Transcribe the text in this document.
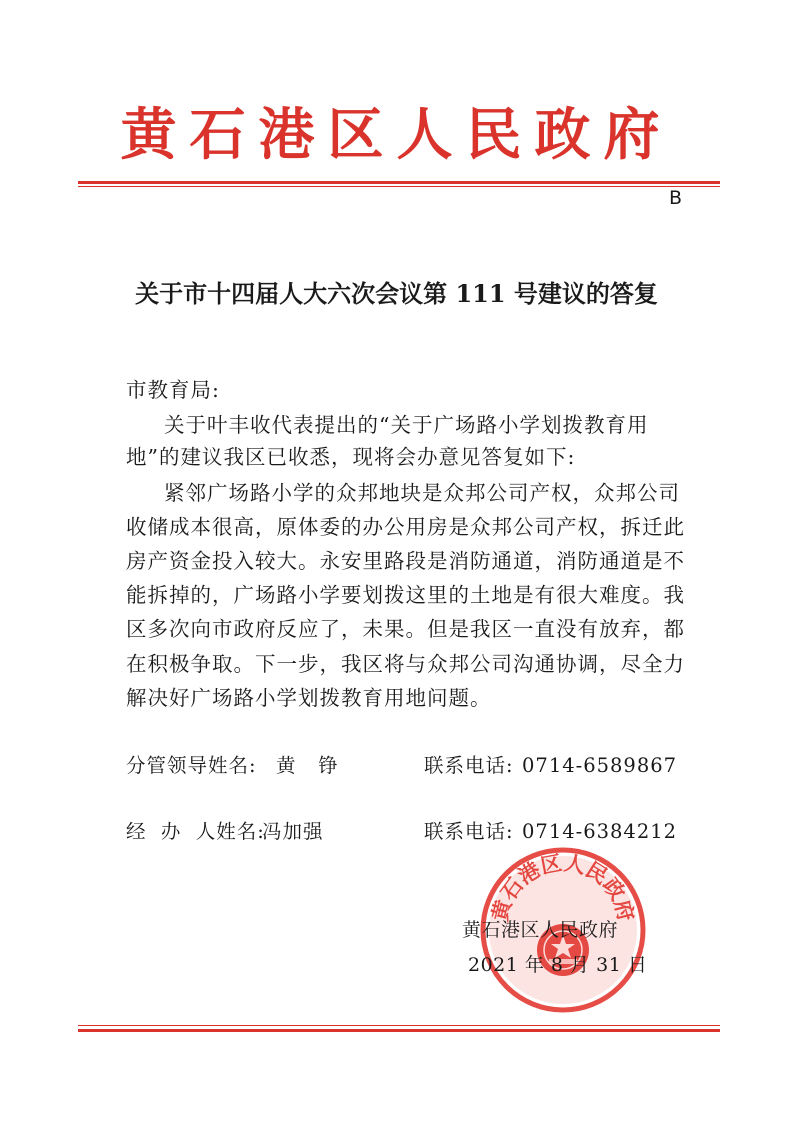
黄石港区人民政府
B
关于市十四届人大六次会议第 111 号建议的答复
市教育局:
关于叶丰收代表提出的“关于广场路小学划拨教育用
地”的建议我区已收悉，现将会办意见答复如下:
紧邻广场路小学的众邦地块是众邦公司产权，众邦公司
收储成本很高，原体委的办公用房是众邦公司产权，拆迁此
房产资金投入较大。永安里路段是消防通道，消防通道是不
能拆掉的，广场路小学要划拨这里的土地是有很大难度。我
区多次向市政府反应了，未果。但是我区一直没有放弃，都
在积极争取。下一步，我区将与众邦公司沟通协调，尽全力
解决好广场路小学划拨教育用地问题。
分管领导姓名: 黄   铮	联系电话: 0714-6589867
经  办  人姓名:
冯加强	联系电话: 0714-6384212
黄石港区人民政府
黄石港区人民政府
2021 年 8 月 31 日
